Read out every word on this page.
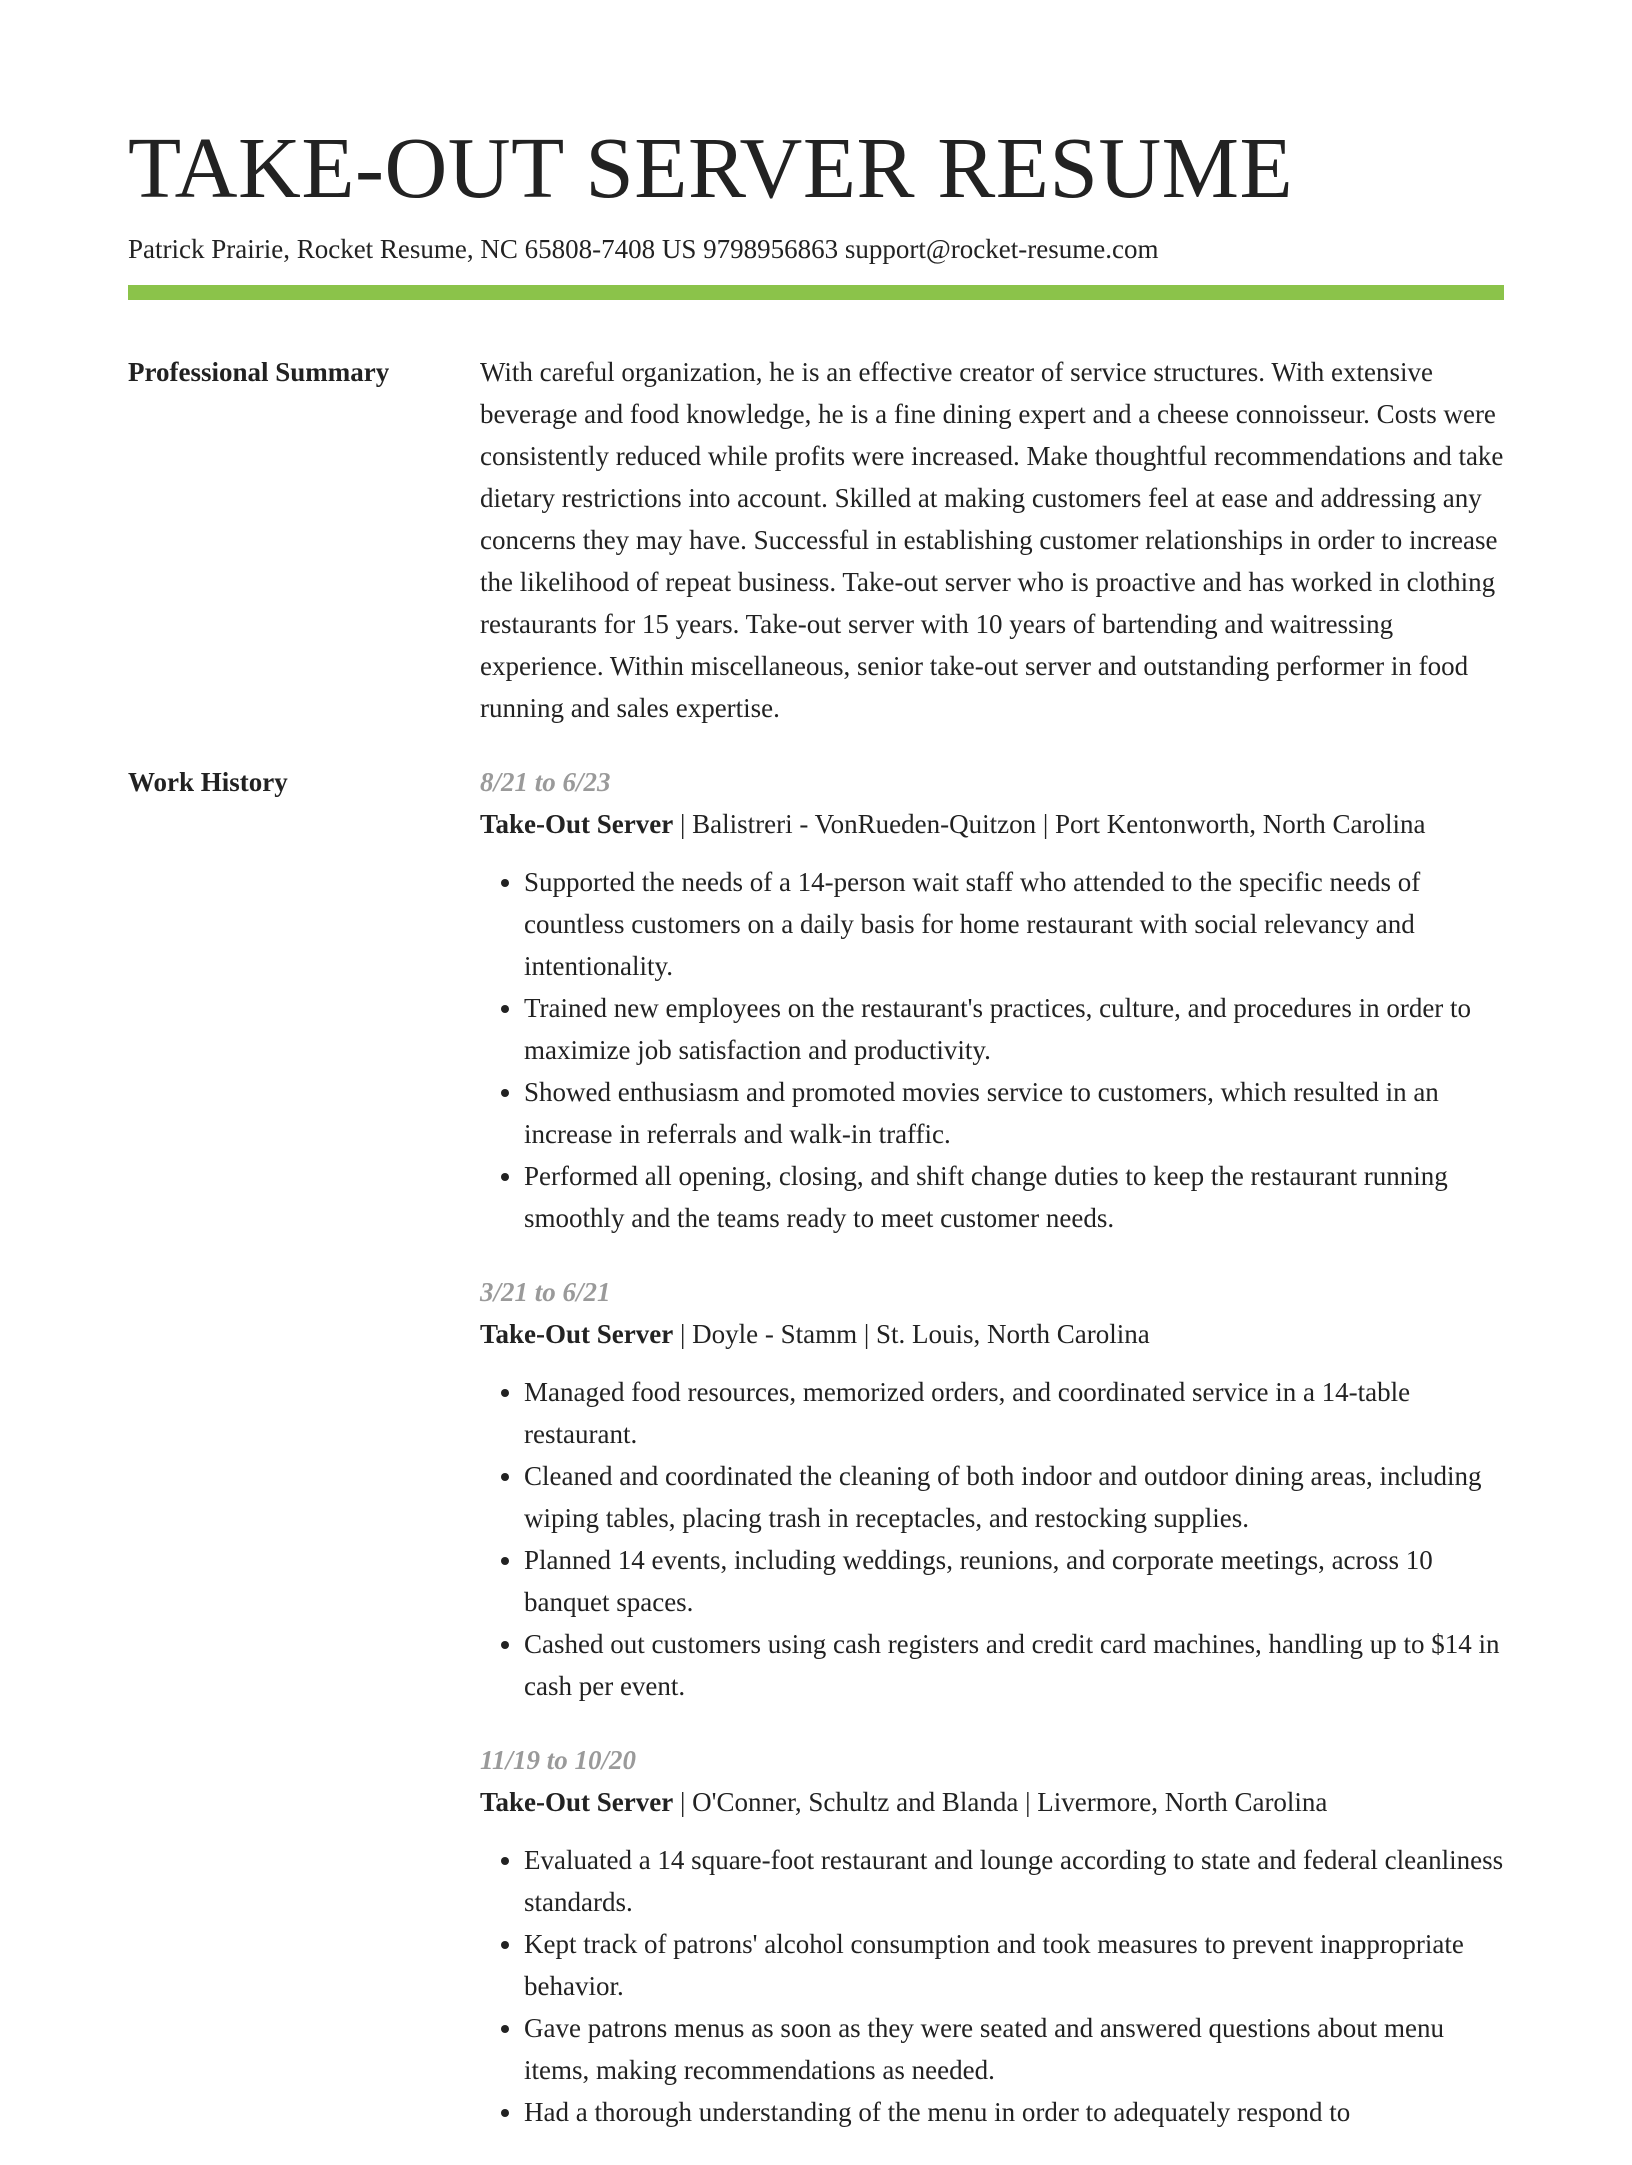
TAKE-OUT SERVER RESUME
Patrick Prairie, Rocket Resume, NC 65808-7408 US 9798956863 support@rocket-resume.com
Professional Summary	With careful organization, he is an effective creator of service structures. With extensive beverage and food knowledge, he is a fine dining expert and a cheese connoisseur. Costs were consistently reduced while profits were increased. Make thoughtful recommendations and take dietary restrictions into account. Skilled at making customers feel at ease and addressing any concerns they may have. Successful in establishing customer relationships in order to increase the likelihood of repeat business. Take-out server who is proactive and has worked in clothing restaurants for 15 years. Take-out server with 10 years of bartending and waitressing experience. Within miscellaneous, senior take-out server and outstanding performer in food running and sales expertise.

Work History	8/21 to 6/23
Take-Out Server | Balistreri - VonRueden-Quitzon | Port Kentonworth, North Carolina
• Supported the needs of a 14-person wait staff who attended to the specific needs of countless customers on a daily basis for home restaurant with social relevancy and intentionality.
• Trained new employees on the restaurant's practices, culture, and procedures in order to maximize job satisfaction and productivity.
• Showed enthusiasm and promoted movies service to customers, which resulted in an increase in referrals and walk-in traffic.
• Performed all opening, closing, and shift change duties to keep the restaurant running smoothly and the teams ready to meet customer needs.
3/21 to 6/21
Take-Out Server | Doyle - Stamm | St. Louis, North Carolina
• Managed food resources, memorized orders, and coordinated service in a 14-table restaurant.
• Cleaned and coordinated the cleaning of both indoor and outdoor dining areas, including wiping tables, placing trash in receptacles, and restocking supplies.
• Planned 14 events, including weddings, reunions, and corporate meetings, across 10 banquet spaces.
• Cashed out customers using cash registers and credit card machines, handling up to $14 in cash per event.
11/19 to 10/20
Take-Out Server | O'Conner, Schultz and Blanda | Livermore, North Carolina
• Evaluated a 14 square-foot restaurant and lounge according to state and federal cleanliness standards.
• Kept track of patrons' alcohol consumption and took measures to prevent inappropriate behavior.
• Gave patrons menus as soon as they were seated and answered questions about menu items, making recommendations as needed.
• Had a thorough understanding of the menu in order to adequately respond to
